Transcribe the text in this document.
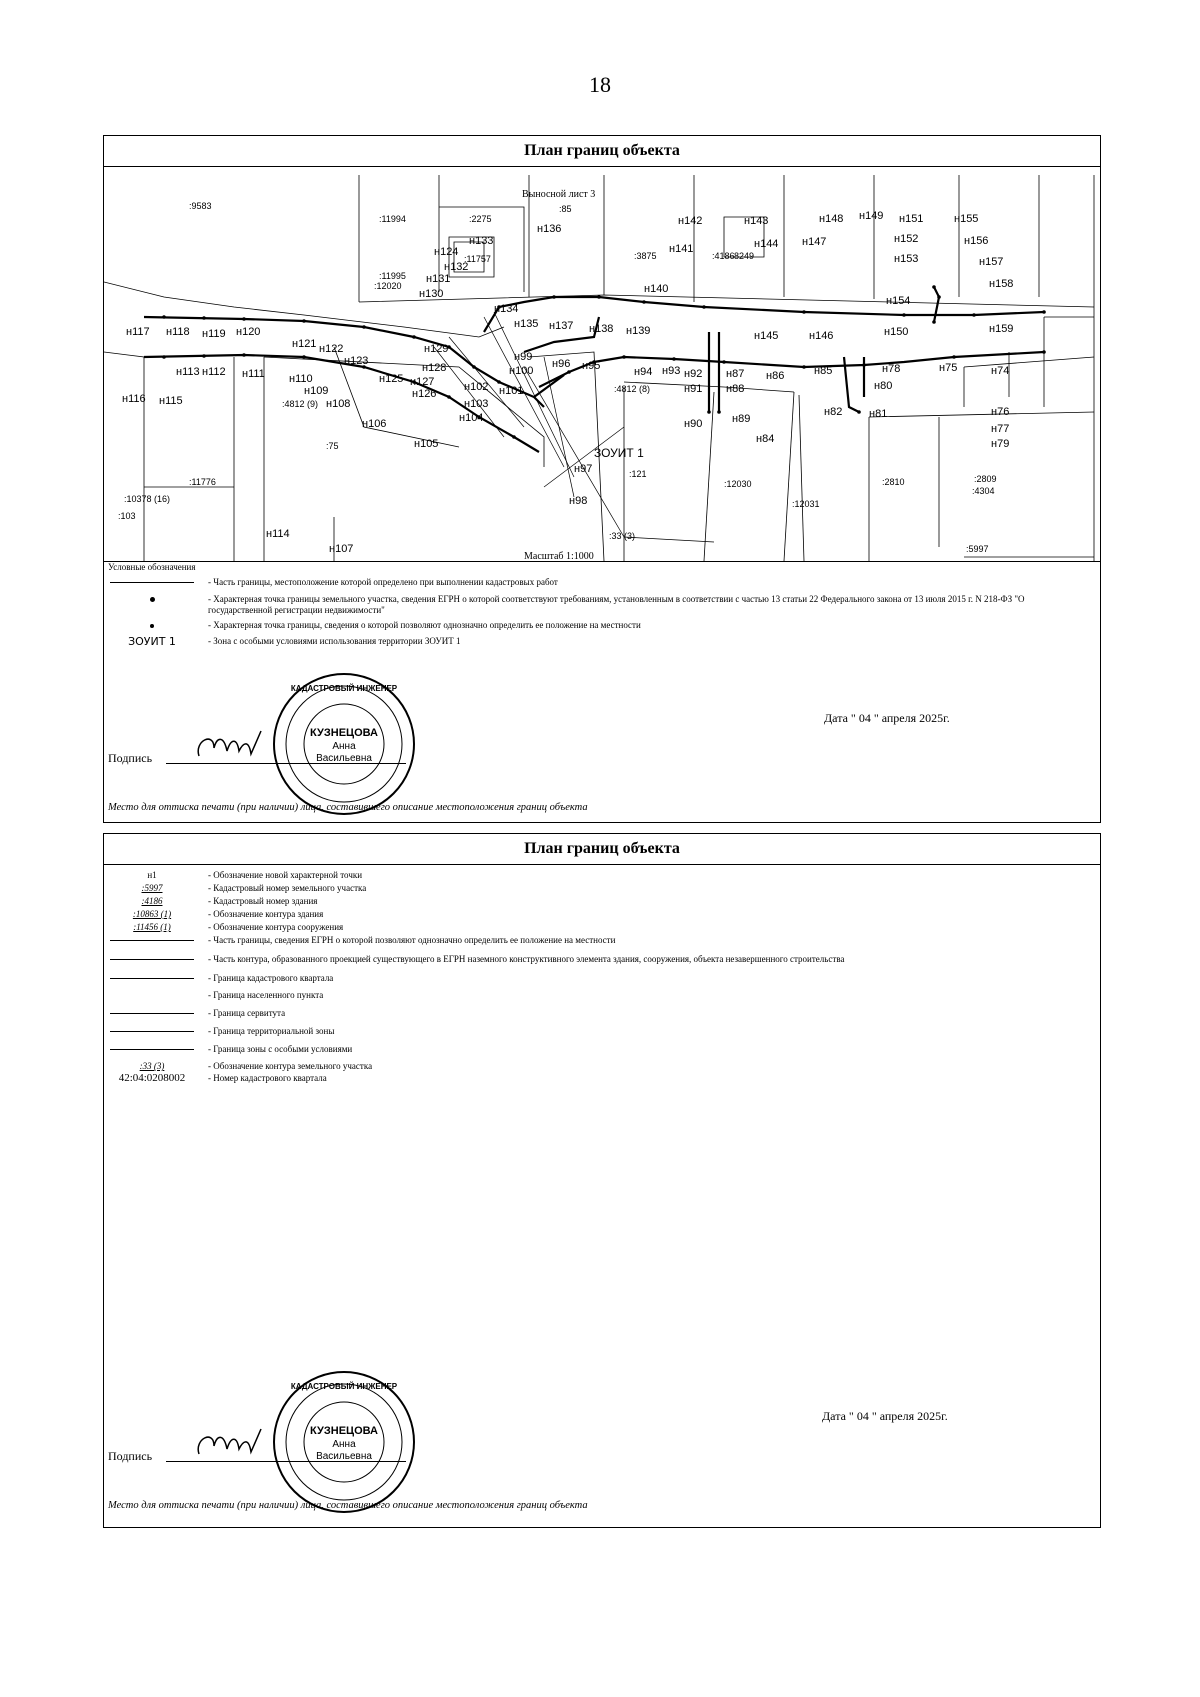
18
План границ объекта
Выносной лист 3
Масштаб 1:1000
:9583
:11994	:2275
:85
:11757
:11995
:12020
:3875	:4186 8249
:4812 (9)
:4812 (8)
:75
:11776
:10378 (16)
:103
:121
:12030
:12031
:2810	:2809
:4304
:33 (3)
:5997
ЗОУИТ 1
н117 н118 н119 н120
н121 н122
н123
н113 н112 н111 н110
н109
н108
н106
н105
н116 н115
н114
н107
н125
н126
н127
н128
н129
н130
н131
н132
н133
н124
н134
н135
н136
н137 н138 н139
н140
н141
н142	н143
н144
н145	н146
н147
н148 н149
н150
н151
н152
н153
н154
н155
н156
н157
н158
н159
н99
н100
н101
н102
н103
н104
н96 н95	н94 н93 н92
н91
н87
н88
н86	н85	н78	н75	н74
н80
н82 н81
н90	н89
н84
н76
н77
н79
н97
н98
Условные обозначения
- Часть границы, местоположение которой определено при выполнении кадастровых работ
- Характерная точка границы земельного участка, сведения ЕГРН о которой соответствуют требованиям, установленным в соответствии с частью 13 статьи 22 Федерального закона от 13 июля 2015 г. N 218-ФЗ "О государственной регистрации недвижимости"
- Характерная точка границы, сведения о которой позволяют однозначно определить ее положение на местности
ЗОУИТ 1	- Зона с особыми условиями использования территории ЗОУИТ 1
Дата " 04 " апреля 2025г.
Подпись
КУЗНЕЦОВА
Анна
Васильевна
КАДАСТРОВЫЙ ИНЖЕНЕР
Место для оттиска печати (при наличии) лица, составившего описание местоположения границ объекта
План границ объекта
н1	- Обозначение новой характерной точки
:5997	- Кадастровый номер земельного участка
:4186	- Кадастровый номер здания
:10863 (1)	- Обозначение контура здания
:11456 (1)	- Обозначение контура сооружения
- Часть границы, сведения ЕГРН о которой позволяют однозначно определить ее положение на местности
- Часть контура, образованного проекцией существующего в ЕГРН наземного конструктивного элемента здания, сооружения, объекта незавершенного строительства
- Граница кадастрового квартала
- Граница населенного пункта
- Граница сервитута
- Граница территориальной зоны
- Граница зоны с особыми условиями
:33 (3)	- Обозначение контура земельного участка
42:04:0208002	- Номер кадастрового квартала
Дата " 04 " апреля 2025г.
Подпись
КУЗНЕЦОВА
Анна
Васильевна
КАДАСТРОВЫЙ ИНЖЕНЕР
Место для оттиска печати (при наличии) лица, составившего описание местоположения границ объекта
